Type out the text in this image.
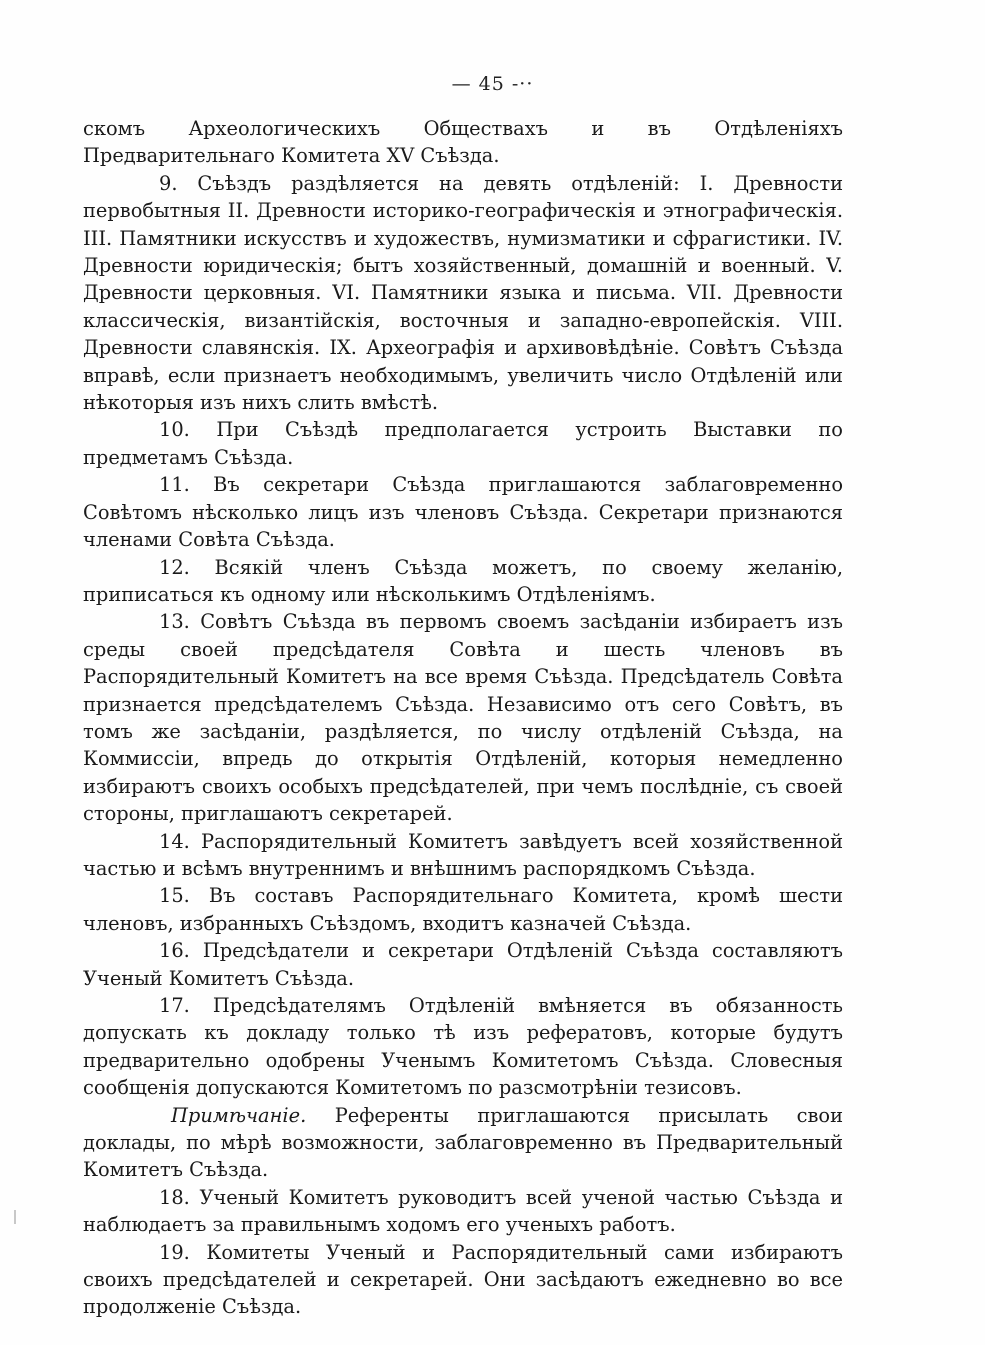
— 45 -··

скомъ Археологическихъ Обществахъ и въ Отдѣленіяхъ Предварительнаго Комитета XV Съѣзда.

9. Съѣздъ раздѣляется на девять отдѣленій: І. Древности первобытныя II. Древности историко-географическія и этнографическія. III. Памятники искусствъ и художествъ, нумизматики и сфрагистики. IV. Древности юридическія; бытъ хозяйственный, домашній и военный. V. Древности церковныя. VI. Памятники языка и письма. VII. Древности классическія, византійскія, восточныя и западно-европейскія. VIII. Древности славянскія. IX. Археографія и архивовѣдѣніе. Совѣтъ Съѣзда вправѣ, если признаетъ необходимымъ, увеличить число Отдѣленій или нѣкоторыя изъ нихъ слить вмѣстѣ.

10. При Съѣздѣ предполагается устроить Выставки по предметамъ Съѣзда.

11. Въ секретари Съѣзда приглашаются заблаговременно Совѣтомъ нѣсколько лицъ изъ членовъ Съѣзда. Секретари признаются членами Совѣта Съѣзда.

12. Всякій членъ Съѣзда можетъ, по своему желанію, приписаться къ одному или нѣсколькимъ Отдѣленіямъ.

13. Совѣтъ Съѣзда въ первомъ своемъ засѣданіи избираетъ изъ среды своей предсѣдателя Совѣта и шесть членовъ въ Распорядительный Комитетъ на все время Съѣзда. Предсѣдатель Совѣта признается предсѣдателемъ Съѣзда. Независимо отъ сего Совѣтъ, въ томъ же засѣданіи, раздѣляется, по числу отдѣленій Съѣзда, на Коммиссіи, впредь до открытія Отдѣленій, которыя немедленно избираютъ своихъ особыхъ предсѣдателей, при чемъ послѣдніе, съ своей стороны, приглашаютъ секретарей.

14. Распорядительный Комитетъ завѣдуетъ всей хозяйственной частью и всѣмъ внутреннимъ и внѣшнимъ распорядкомъ Съѣзда.

15. Въ составъ Распорядительнаго Комитета, кромѣ шести членовъ, избранныхъ Съѣздомъ, входитъ казначей Съѣзда.

16. Предсѣдатели и секретари Отдѣленій Съѣзда составляютъ Ученый Комитетъ Съѣзда.

17. Предсѣдателямъ Отдѣленій вмѣняется въ обязанность допускать къ докладу только тѣ изъ рефератовъ, которые будутъ предварительно одобрены Ученымъ Комитетомъ Съѣзда. Словесныя сообщенія допускаются Комитетомъ по разсмотрѣніи тезисовъ.

Примѣчаніе. Референты приглашаются присылать свои доклады, по мѣрѣ возможности, заблаговременно въ Предварительный Комитетъ Съѣзда.

18. Ученый Комитетъ руководитъ всей ученой частью Съѣзда и наблюдаетъ за правильнымъ ходомъ его ученыхъ работъ.

19. Комитеты Ученый и Распорядительный сами избираютъ своихъ предсѣдателей и секретарей. Они засѣдаютъ ежедневно во все продолженіе Съѣзда.
